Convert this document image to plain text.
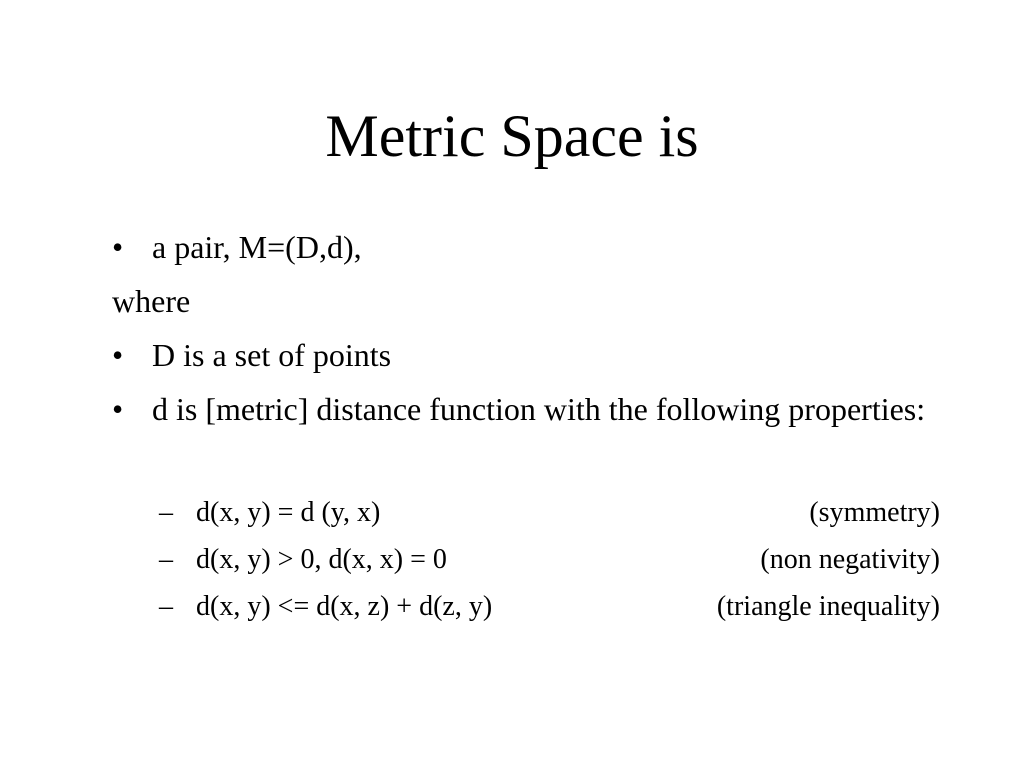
Metric Space is
• a pair, M=(D,d),
where
• D is a set of points
• d is [metric] distance function with the following properties:
– d(x, y) = d (y, x)	(symmetry)
– d(x, y) > 0, d(x, x) = 0	(non negativity)
– d(x, y) <= d(x, z) + d(z, y)	(triangle inequality)
